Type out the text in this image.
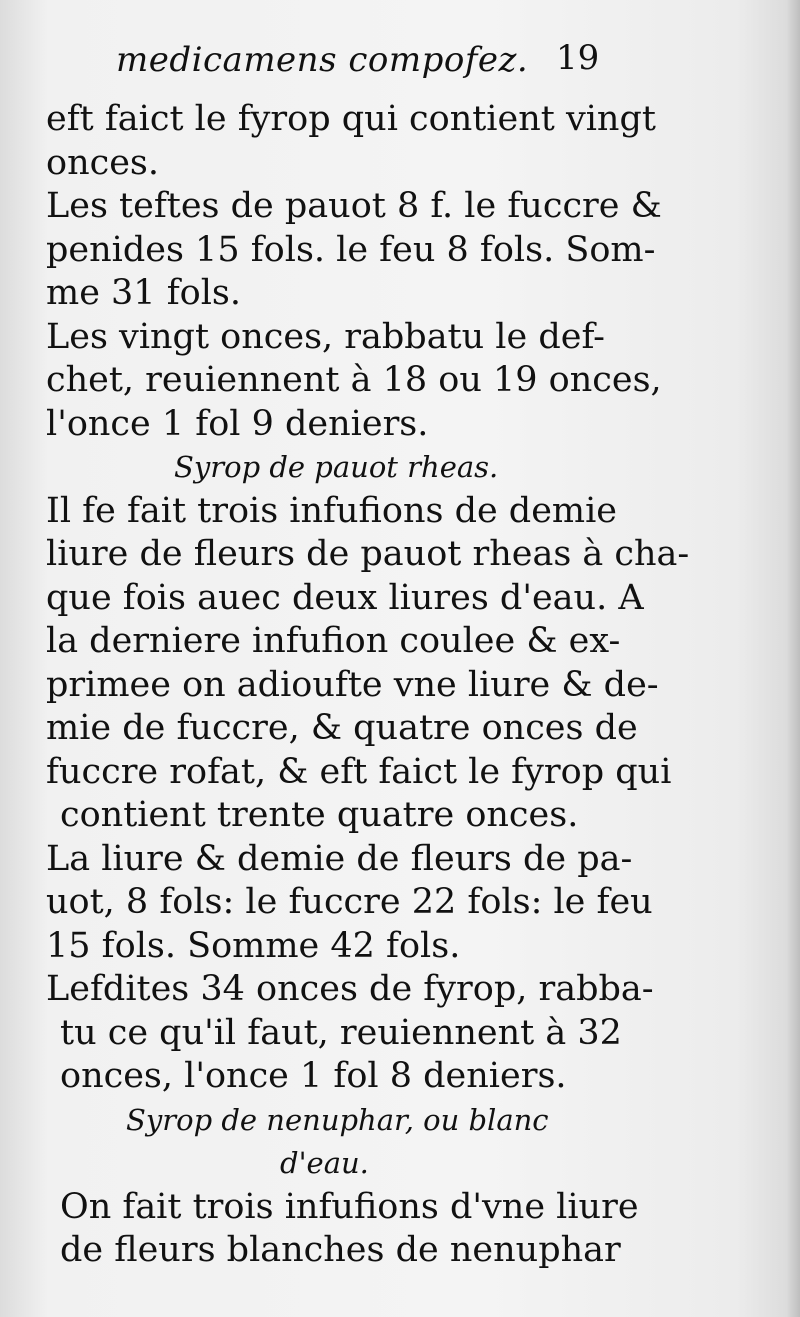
medicamens compofez. 19
eft faict le fyrop qui contient vingt
onces.
Les teftes de pauot 8 f. le fuccre &
penides 15 fols. le feu 8 fols. Som-
me 31 fols.
Les vingt onces, rabbatu le def-
chet, reuiennent à 18 ou 19 onces,
l'once 1 fol 9 deniers.
Syrop de pauot rheas.
Il fe fait trois infufions de demie
liure de fleurs de pauot rheas à cha-
que fois auec deux liures d'eau. A
la derniere infufion coulee & ex-
primee on adioufte vne liure & de-
mie de fuccre, & quatre onces de
fuccre rofat, & eft faict le fyrop qui
contient trente quatre onces.
La liure & demie de fleurs de pa-
uot, 8 fols: le fuccre 22 fols: le feu
15 fols. Somme 42 fols.
Lefdites 34 onces de fyrop, rabba-
tu ce qu'il faut, reuiennent à 32
onces, l'once 1 fol 8 deniers.
Syrop de nenuphar, ou blanc
d'eau.
On fait trois infufions d'vne liure
de fleurs blanches de nenuphar
